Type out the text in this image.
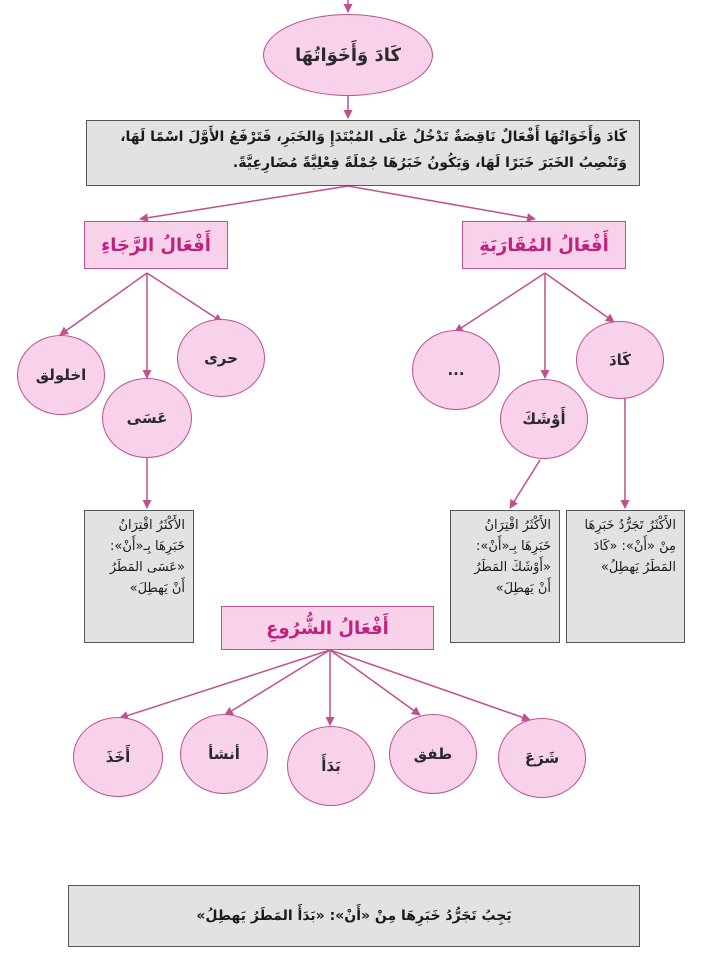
كَادَ وَأَخَوَاتُهَا
كَادَ وَأَخَوَاتُهَا أَفْعَالٌ نَاقِصَةٌ تَدْخُلُ عَلَى المُبْتَدَإِ وَالخَبَرِ، فَتَرْفَعُ الأَوَّلَ اسْمًا لَهَا، وَتَنْصِبُ الخَبَرَ خَبَرًا لَهَا، وَيَكُونُ خَبَرُهَا جُمْلَةً فِعْلِيَّةً مُضَارِعِيَّةً.
أَفْعَالُ المُقَارَبَةِ
أَفْعَالُ الرَّجَاءِ
كَادَ
أَوْشَكَ
...
حرى
عَسَى
اخلولق
الأَكْثَرُ تَجَرُّدُ خَبَرِهَا مِنْ «أَنْ»: «كَادَ المَطَرُ يَهطِلُ»
الأَكْثَرُ اقْتِرَانُ خَبَرِهَا بِـ«أَنْ»: «أَوْشَكَ المَطَرُ أَنْ يَهطِلَ»
الأَكْثَرُ اقْتِرَانُ خَبَرِهَا بِـ«أَنْ»: «عَسَى المَطَرُ أَنْ يَهطِلَ»
أَفْعَالُ الشُّرُوعِ
شَرَعَ
طفق
بَدَأَ
أنشأ
أَخَذَ
يَجِبُ تَجَرُّدُ خَبَرِهَا مِنْ «أَنْ»: «بَدَأَ المَطَرُ يَهطِلُ»
